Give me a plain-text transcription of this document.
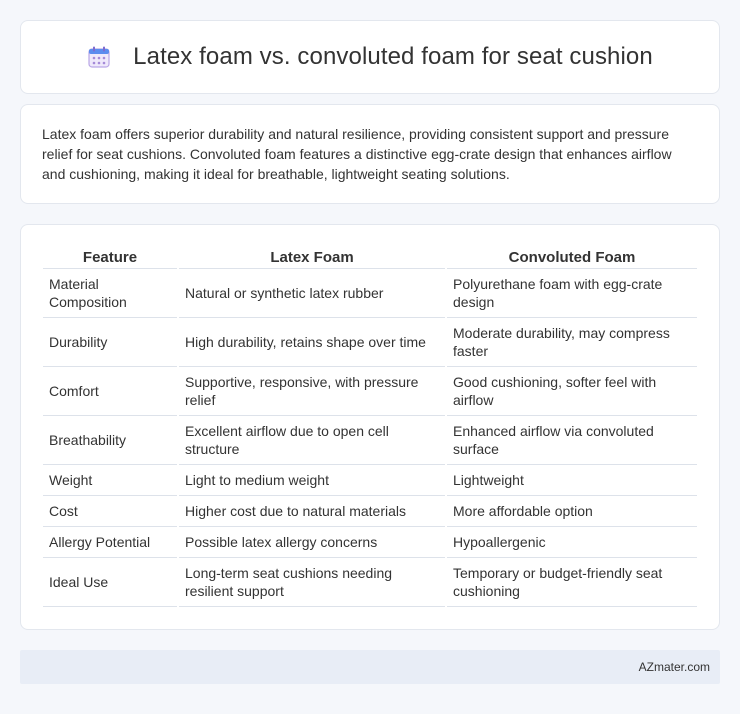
Latex foam vs. convoluted foam for seat cushion

Latex foam offers superior durability and natural resilience, providing consistent support and pressure relief for seat cushions. Convoluted foam features a distinctive egg-crate design that enhances airflow and cushioning, making it ideal for breathable, lightweight seating solutions.

Feature	Latex Foam	Convoluted Foam
Material Composition	Natural or synthetic latex rubber	Polyurethane foam with egg-crate design
Durability	High durability, retains shape over time	Moderate durability, may compress faster
Comfort	Supportive, responsive, with pressure relief	Good cushioning, softer feel with airflow
Breathability	Excellent airflow due to open cell structure	Enhanced airflow via convoluted surface
Weight	Light to medium weight	Lightweight
Cost	Higher cost due to natural materials	More affordable option
Allergy Potential	Possible latex allergy concerns	Hypoallergenic
Ideal Use	Long-term seat cushions needing resilient support	Temporary or budget-friendly seat cushioning
AZmater.com
